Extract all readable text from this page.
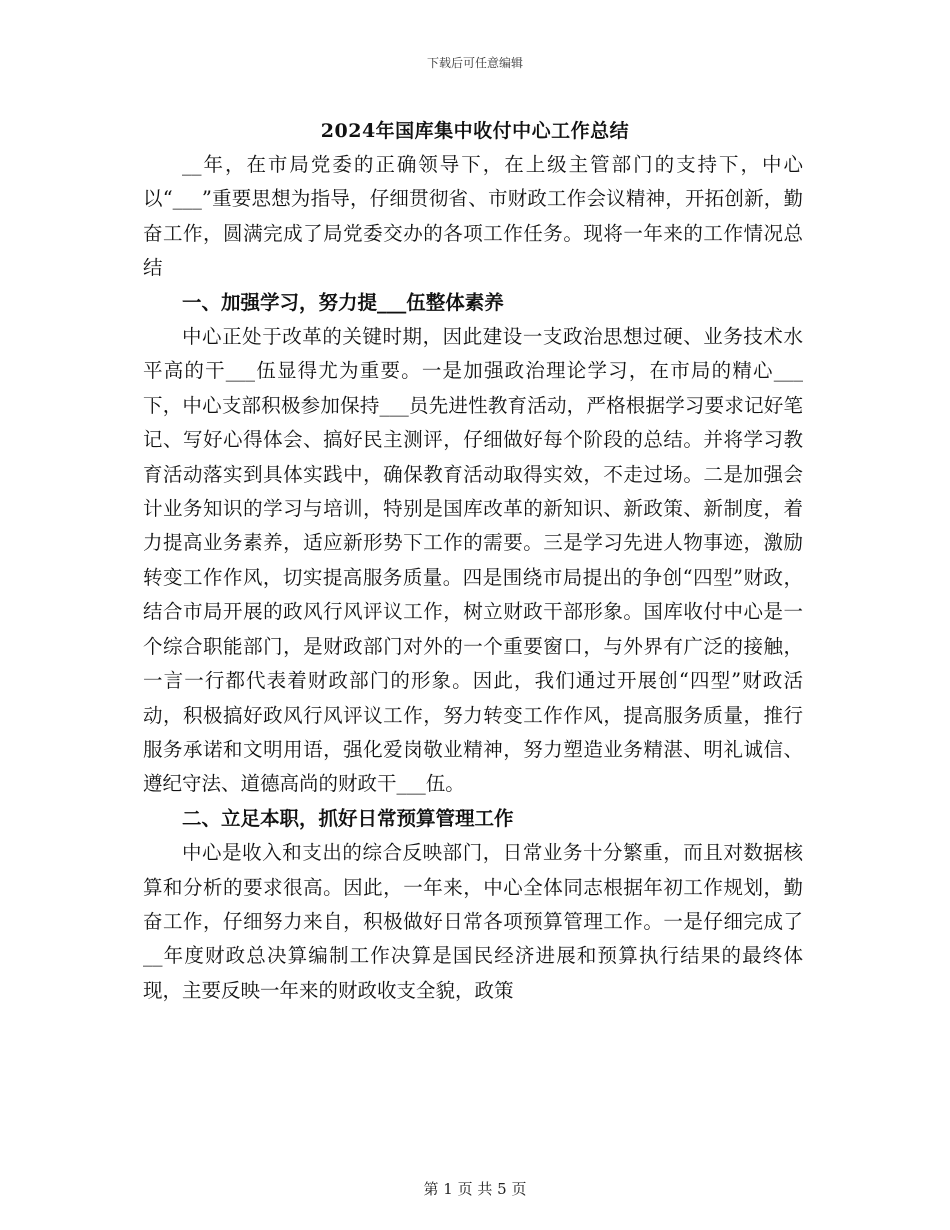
下载后可任意编辑
2024年国库集中收付中心工作总结

__年，在市局党委的正确领导下，在上级主管部门的支持下，中心以“___”重要思想为指导，仔细贯彻省、市财政工作会议精神，开拓创新，勤奋工作，圆满完成了局党委交办的各项工作任务。现将一年来的工作情况总结

一、加强学习，努力提___伍整体素养

中心正处于改革的关键时期，因此建设一支政治思想过硬、业务技术水平高的干___伍显得尤为重要。一是加强政治理论学习，在市局的精心___下，中心支部积极参加保持___员先进性教育活动，严格根据学习要求记好笔记、写好心得体会、搞好民主测评，仔细做好每个阶段的总结。并将学习教育活动落实到具体实践中，确保教育活动取得实效，不走过场。二是加强会计业务知识的学习与培训，特别是国库改革的新知识、新政策、新制度，着力提高业务素养，适应新形势下工作的需要。三是学习先进人物事迹，激励转变工作作风，切实提高服务质量。四是围绕市局提出的争创“四型”财政，结合市局开展的政风行风评议工作，树立财政干部形象。国库收付中心是一个综合职能部门，是财政部门对外的一个重要窗口，与外界有广泛的接触，一言一行都代表着财政部门的形象。因此，我们通过开展创“四型”财政活动，积极搞好政风行风评议工作，努力转变工作作风，提高服务质量，推行服务承诺和文明用语，强化爱岗敬业精神，努力塑造业务精湛、明礼诚信、遵纪守法、道德高尚的财政干___伍。

二、立足本职，抓好日常预算管理工作

中心是收入和支出的综合反映部门，日常业务十分繁重，而且对数据核算和分析的要求很高。因此，一年来，中心全体同志根据年初工作规划，勤奋工作，仔细努力来自，积极做好日常各项预算管理工作。一是仔细完成了__年度财政总决算编制工作决算是国民经济进展和预算执行结果的最终体现，主要反映一年来的财政收支全貌，政策

第 1 页 共 5 页
